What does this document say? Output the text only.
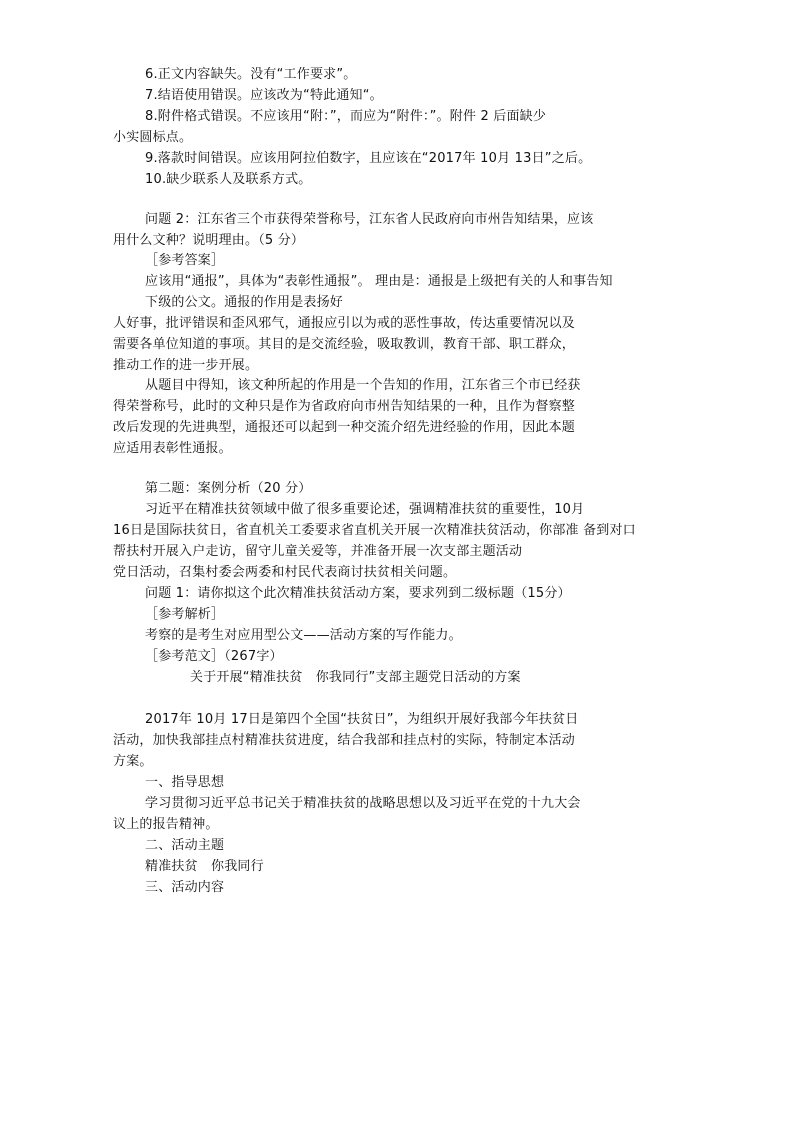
6.正文内容缺失。没有“工作要求”。
7.结语使用错误。应该改为“特此通知“。
8.附件格式错误。不应该用“附：”，而应为“附件：”。附件 2 后面缺少
小实圆标点。
9.落款时间错误。应该用阿拉伯数字，且应该在“2017年 10月 13日”之后。
10.缺少联系人及联系方式。
问题 2：江东省三个市获得荣誉称号，江东省人民政府向市州告知结果，应该
用什么文种？说明理由。（5 分）
［参考答案］
应该用“通报”，具体为“表彰性通报”。 理由是：通报是上级把有关的人和事告知
下级的公文。通报的作用是表扬好
人好事，批评错误和歪风邪气，通报应引以为戒的恶性事故，传达重要情况以及
需要各单位知道的事项。其目的是交流经验，吸取教训，教育干部、职工群众，
推动工作的进一步开展。
从题目中得知，该文种所起的作用是一个告知的作用，江东省三个市已经获
得荣誉称号，此时的文种只是作为省政府向市州告知结果的一种，且作为督察整
改后发现的先进典型，通报还可以起到一种交流介绍先进经验的作用，因此本题
应适用表彰性通报。
第二题：案例分析（20 分）
习近平在精准扶贫领域中做了很多重要论述，强调精准扶贫的重要性，10月
16日是国际扶贫日，省直机关工委要求省直机关开展一次精准扶贫活动，你部准 备到对口
帮扶村开展入户走访，留守儿童关爱等，并准备开展一次支部主题活动
党日活动，召集村委会两委和村民代表商讨扶贫相关问题。
问题 1：请你拟这个此次精准扶贫活动方案，要求列到二级标题（15分）
［参考解析］
考察的是考生对应用型公文——活动方案的写作能力。
［参考范文］（267字）
关于开展“精准扶贫　你我同行”支部主题党日活动的方案
2017年 10月 17日是第四个全国“扶贫日”，为组织开展好我部今年扶贫日
活动，加快我部挂点村精准扶贫进度，结合我部和挂点村的实际，特制定本活动
方案。
一、指导思想
学习贯彻习近平总书记关于精准扶贫的战略思想以及习近平在党的十九大会
议上的报告精神。
二、活动主题
精准扶贫　你我同行
三、活动内容
